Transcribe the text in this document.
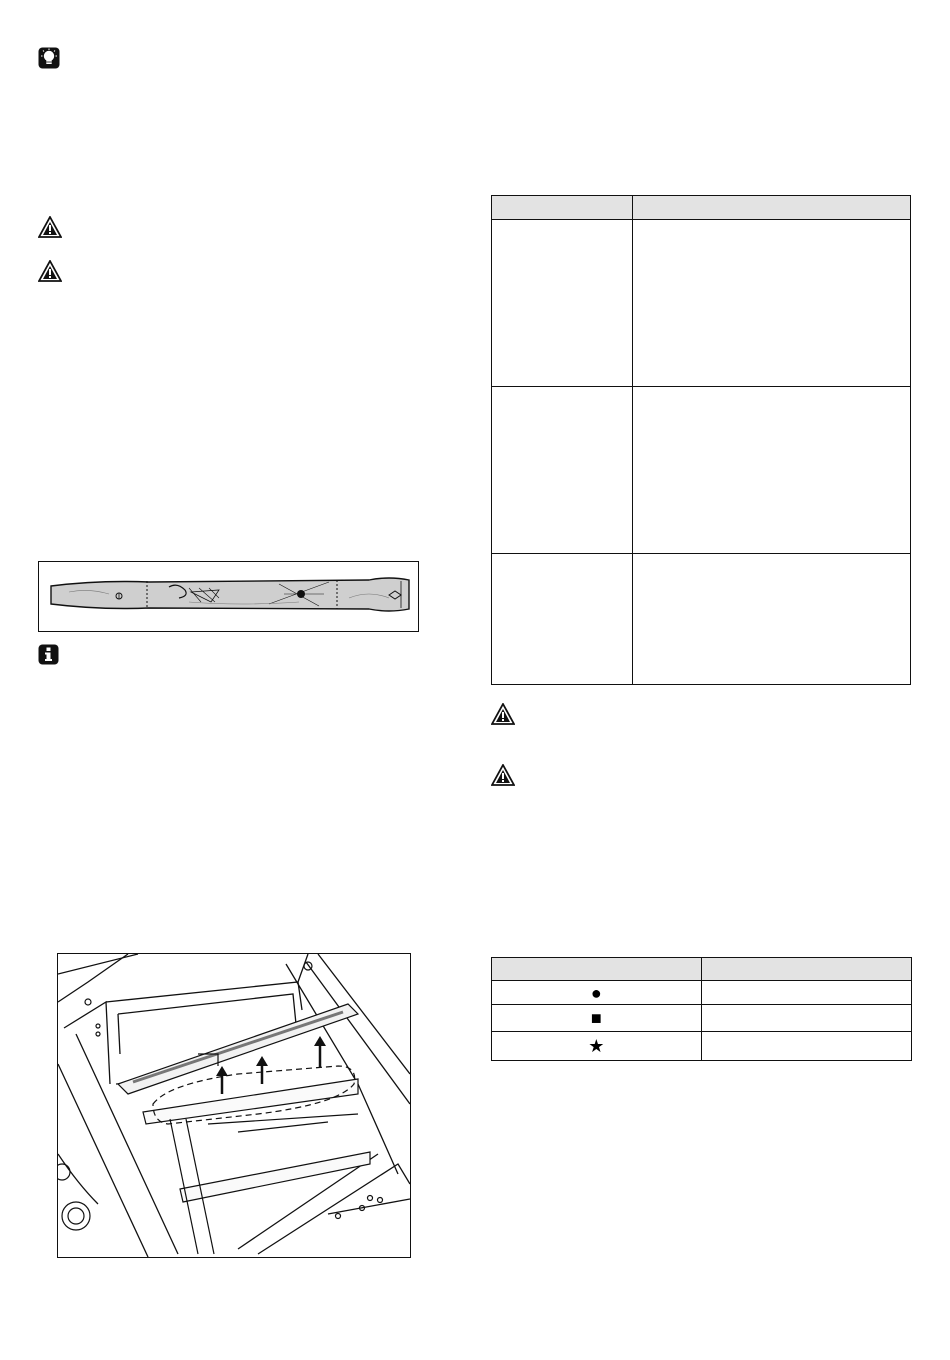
●	
■	
★	
